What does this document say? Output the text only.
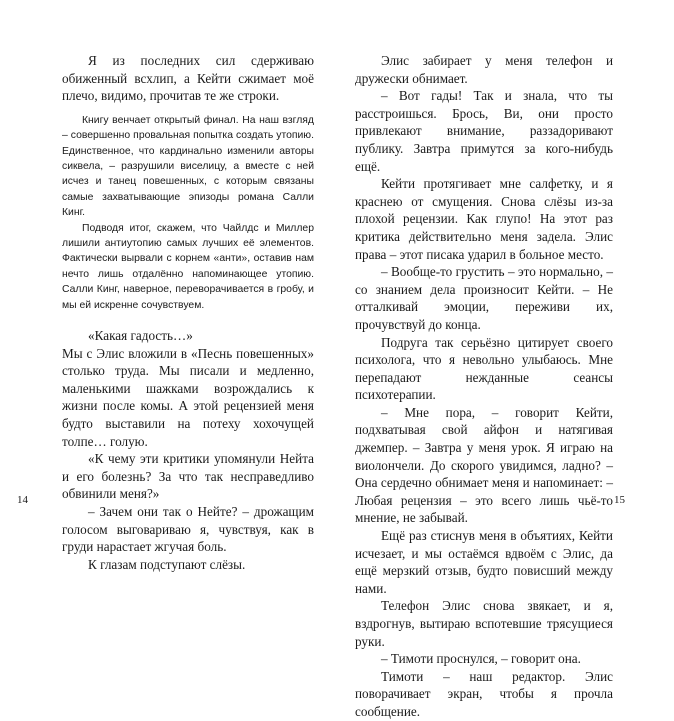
Я из последних сил сдерживаю обиженный всхлип, а Кейти сжимает моё плечо, видимо, прочитав те же строки.

Книгу венчает открытый финал. На наш взгляд – совершенно провальная попытка создать утопию. Единственное, что кардинально изменили авторы сиквела, – разрушили виселицу, а вместе с ней исчез и танец повешенных, с которым связаны самые захватывающие эпизоды романа Салли Кинг.

Подводя итог, скажем, что Чайлдс и Миллер лишили антиутопию самых лучших её элементов. Фактически вырвали с корнем «анти», оставив нам нечто лишь отдалённо напоминающее утопию. Салли Кинг, наверное, переворачивается в гробу, и мы ей искренне сочувствуем.

«Какая гадость…»

Мы с Элис вложили в «Песнь повешенных» столько труда. Мы писали и медленно, маленькими шажками возрождались к жизни после комы. А этой рецензией меня будто выставили на потеху хохочущей толпе… голую.

«К чему эти критики упомянули Нейта и его болезнь? За что так несправедливо обвинили меня?»

– Зачем они так о Нейте? – дрожащим голосом выговариваю я, чувствуя, как в груди нарастает жгучая боль.

К глазам подступают слёзы.

14

Элис забирает у меня телефон и дружески обнимает.

– Вот гады! Так и знала, что ты расстроишься. Брось, Ви, они просто привлекают внимание, раззадоривают публику. Завтра примутся за кого-нибудь ещё.

Кейти протягивает мне салфетку, и я краснею от смущения. Снова слёзы из-за плохой рецензии. Как глупо! На этот раз критика действительно меня задела. Элис права – этот писака ударил в больное место.

– Вообще-то грустить – это нормально, – со знанием дела произносит Кейти. – Не отталкивай эмоции, переживи их, прочувствуй до конца.

Подруга так серьёзно цитирует своего психолога, что я невольно улыбаюсь. Мне перепадают нежданные сеансы психотерапии.

– Мне пора, – говорит Кейти, подхватывая свой айфон и натягивая джемпер. – Завтра у меня урок. Я играю на виолончели. До скорого увидимся, ладно? – Она сердечно обнимает меня и напоминает: – Любая рецензия – это всего лишь чьё-то мнение, не забывай.

Ещё раз стиснув меня в объятиях, Кейти исчезает, и мы остаёмся вдвоём с Элис, да ещё мерзкий отзыв, будто повисший между нами.

Телефон Элис снова звякает, и я, вздрогнув, вытираю вспотевшие трясущиеся руки.

– Тимоти проснулся, – говорит она.

Тимоти – наш редактор. Элис поворачивает экран, чтобы я прочла сообщение.

15
